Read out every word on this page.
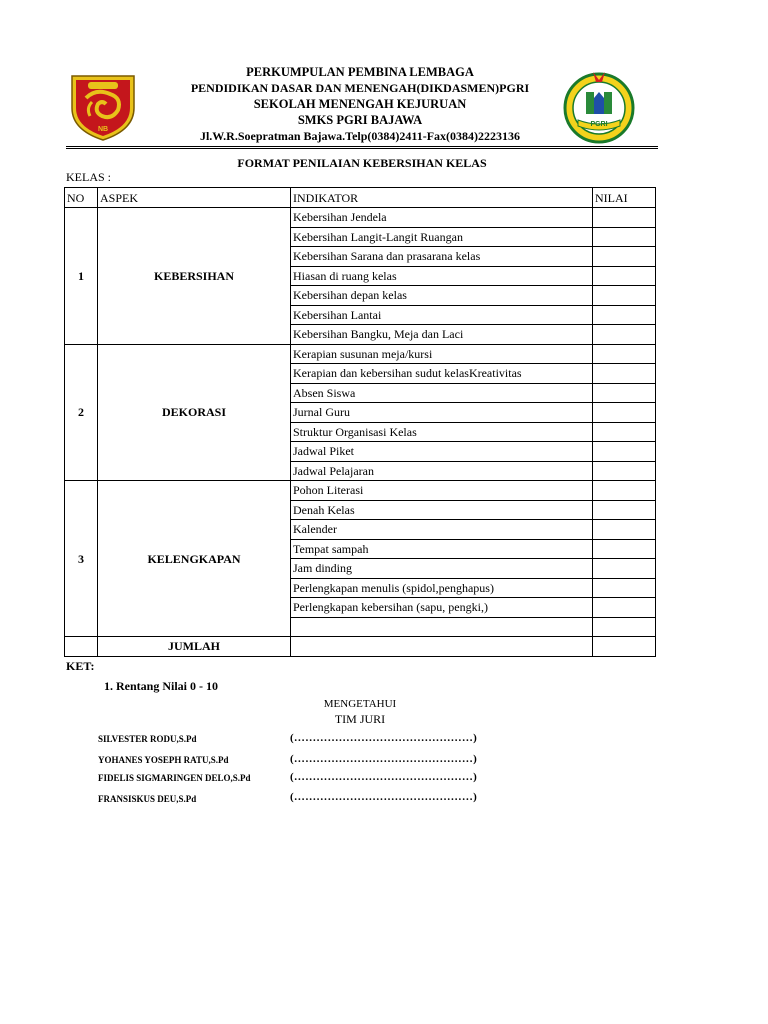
NB
PERKUMPULAN PEMBINA LEMBAGA
PENDIDIKAN DASAR DAN MENENGAH(DIKDASMEN)PGRI
SEKOLAH MENENGAH KEJURUAN
SMKS PGRI BAJAWA
Jl.W.R.Soepratman Bajawa.Telp(0384)2411-Fax(0384)2223136
PGRI
FORMAT PENILAIAN KEBERSIHAN KELAS
KELAS :
NO	ASPEK	INDIKATOR	NILAI
1	KEBERSIHAN	Kebersihan Jendela	
		Kebersihan Langit-Langit Ruangan	
		Kebersihan Sarana dan prasarana kelas	
		Hiasan di ruang kelas	
		Kebersihan depan kelas	
		Kebersihan Lantai	
		Kebersihan Bangku, Meja dan Laci	
2	DEKORASI	Kerapian susunan meja/kursi	
		Kerapian dan kebersihan sudut kelasKreativitas	
		Absen Siswa	
		Jurnal Guru	
		Struktur Organisasi Kelas	
		Jadwal Piket	
		Jadwal Pelajaran	
3	KELENGKAPAN	Pohon Literasi	
		Denah Kelas	
		Kalender	
		Tempat sampah	
		Jam dinding	
		Perlengkapan menulis (spidol,penghapus)	
		Perlengkapan kebersihan (sapu, pengki,)	

	JUMLAH		
KET:
1. Rentang Nilai 0 - 10
MENGETAHUI
TIM JURI
SILVESTER RODU,S.Pd	(…………………………………………)
YOHANES YOSEPH RATU,S.Pd	(…………………………………………)
FIDELIS SIGMARINGEN DELO,S.Pd	(…………………………………………)
FRANSISKUS DEU,S.Pd	(…………………………………………)
